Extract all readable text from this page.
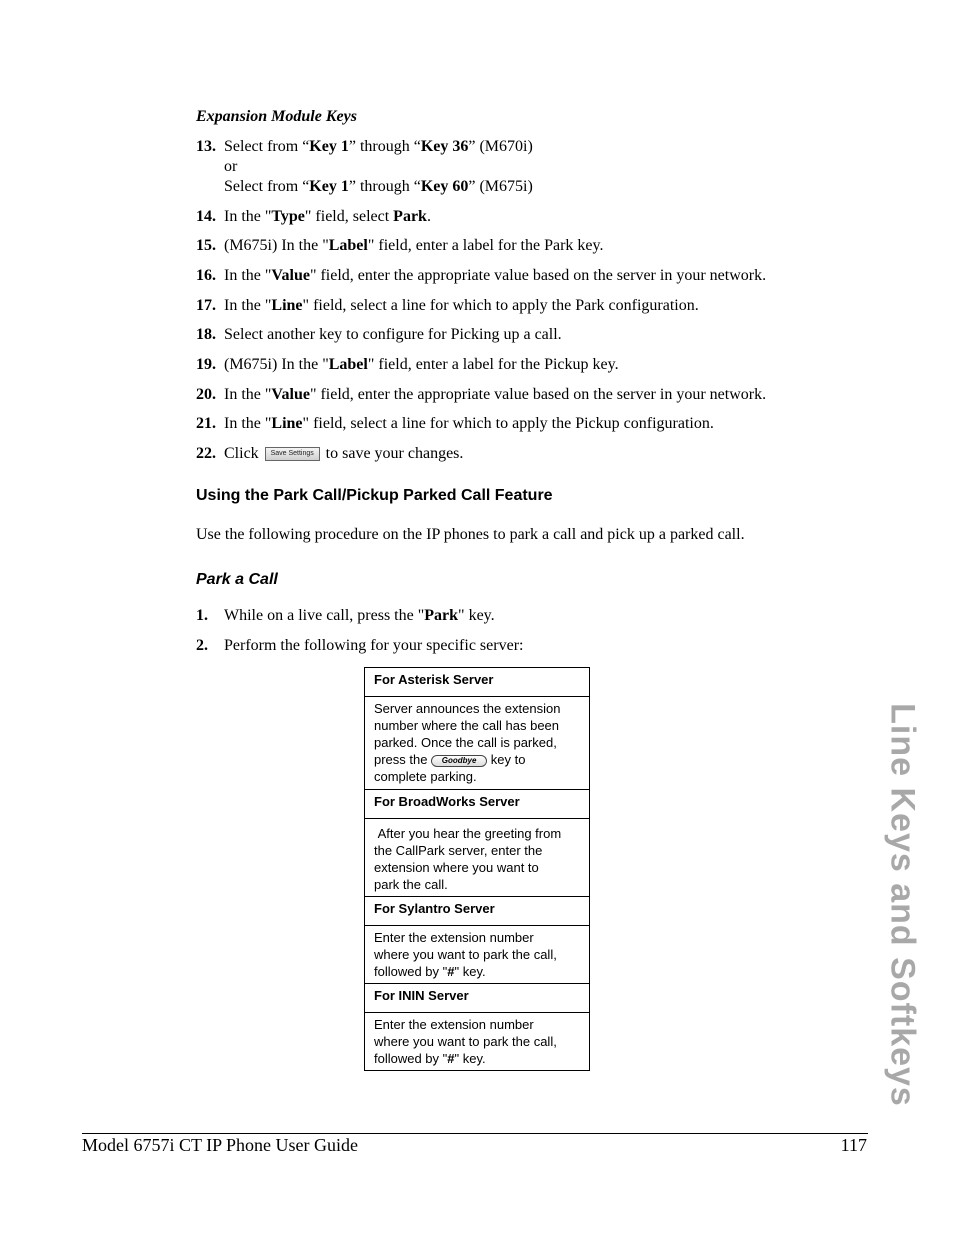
Expansion Module Keys
13. Select from “Key 1” through “Key 36” (M670i)
or
Select from “Key 1” through “Key 60” (M675i)
14. In the "Type" field, select Park.
15. (M675i) In the "Label" field, enter a label for the Park key.
16. In the "Value" field, enter the appropriate value based on the server in your network.
17. In the "Line" field, select a line for which to apply the Park configuration.
18. Select another key to configure for Picking up a call.
19. (M675i) In the "Label" field, enter a label for the Pickup key.
20. In the "Value" field, enter the appropriate value based on the server in your network.
21. In the "Line" field, select a line for which to apply the Pickup configuration.
22. Click Save Settings to save your changes.
Using the Park Call/Pickup Parked Call Feature
Use the following procedure on the IP phones to park a call and pick up a parked call.
Park a Call
1. While on a live call, press the "Park" key.
2. Perform the following for your specific server:
For Asterisk Server
Server announces the extension
number where the call has been
parked. Once the call is parked,
press the Goodbye key to
complete parking.
For BroadWorks Server
After you hear the greeting from
the CallPark server, enter the
extension where you want to
park the call.
For Sylantro Server
Enter the extension number
where you want to park the call,
followed by "#" key.
For ININ Server
Enter the extension number
where you want to park the call,
followed by "#" key.	Line Keys and Softkeys
Model 6757i CT IP Phone User Guide	117
